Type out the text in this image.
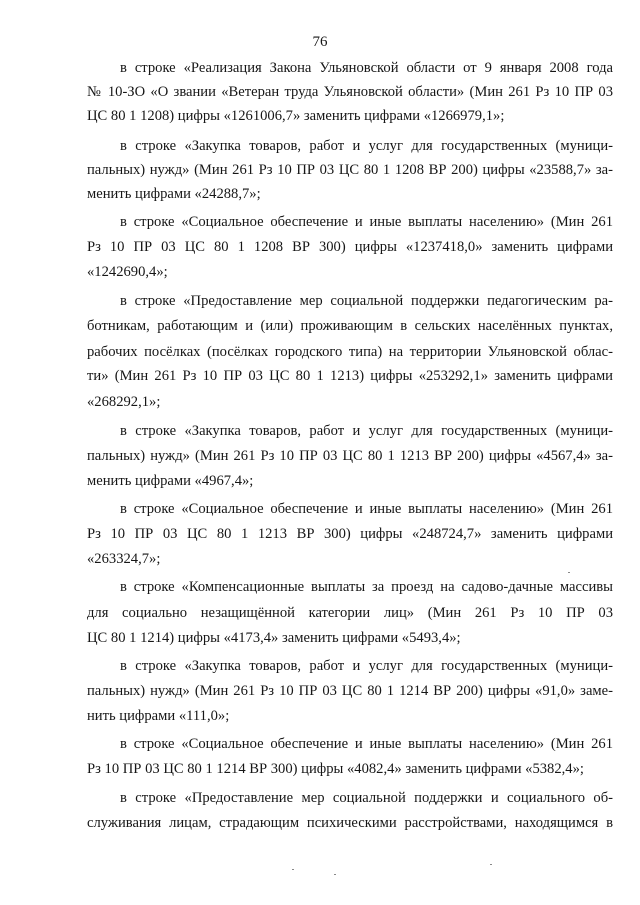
76
в строке «Реализация Закона Ульяновской области от 9 января 2008 года
№ 10-ЗО «О звании «Ветеран труда Ульяновской области» (Мин 261 Рз 10 ПР 03
ЦС 80 1 1208) цифры «1261006,7» заменить цифрами «1266979,1»;
в строке «Закупка товаров, работ и услуг для государственных (муници-
пальных) нужд» (Мин 261 Рз 10 ПР 03 ЦС 80 1 1208 ВР 200) цифры «23588,7» за-
менить цифрами «24288,7»;
в строке «Социальное обеспечение и иные выплаты населению» (Мин 261
Рз 10 ПР 03 ЦС 80 1 1208 ВР 300) цифры «1237418,0» заменить цифрами
«1242690,4»;
в строке «Предоставление мер социальной поддержки педагогическим ра-
ботникам, работающим и (или) проживающим в сельских населённых пунктах,
рабочих посёлках (посёлках городского типа) на территории Ульяновской облас-
ти» (Мин 261 Рз 10 ПР 03 ЦС 80 1 1213) цифры «253292,1» заменить цифрами
«268292,1»;
в строке «Закупка товаров, работ и услуг для государственных (муници-
пальных) нужд» (Мин 261 Рз 10 ПР 03 ЦС 80 1 1213 ВР 200) цифры «4567,4» за-
менить цифрами «4967,4»;
в строке «Социальное обеспечение и иные выплаты населению» (Мин 261
Рз 10 ПР 03 ЦС 80 1 1213 ВР 300) цифры «248724,7» заменить цифрами
«263324,7»;
в строке «Компенсационные выплаты за проезд на садово-дачные массивы
для социально незащищённой категории лиц» (Мин 261 Рз 10 ПР 03
ЦС 80 1 1214) цифры «4173,4» заменить цифрами «5493,4»;
в строке «Закупка товаров, работ и услуг для государственных (муници-
пальных) нужд» (Мин 261 Рз 10 ПР 03 ЦС 80 1 1214 ВР 200) цифры «91,0» заме-
нить цифрами «111,0»;
в строке «Социальное обеспечение и иные выплаты населению» (Мин 261
Рз 10 ПР 03 ЦС 80 1 1214 ВР 300) цифры «4082,4» заменить цифрами «5382,4»;
в строке «Предоставление мер социальной поддержки и социального об-
служивания лицам, страдающим психическими расстройствами, находящимся в
